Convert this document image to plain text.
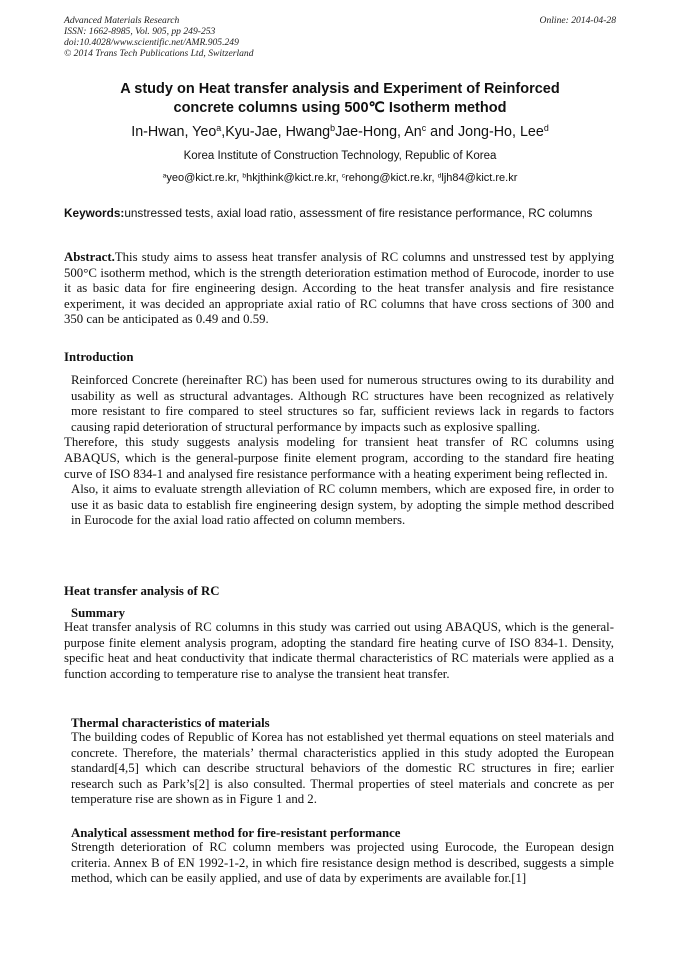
Advanced Materials Research
ISSN: 1662-8985, Vol. 905, pp 249-253
doi:10.4028/www.scientific.net/AMR.905.249
© 2014 Trans Tech Publications Ltd, Switzerland
Online: 2014-04-28
A study on Heat transfer analysis and Experiment of Reinforced
concrete columns using 500℃ Isotherm method
In-Hwan, Yeo$^a$,Kyu-Jae, Hwang$^b$Jae-Hong, An$^c$ and Jong-Ho, Lee$^d$
Korea Institute of Construction Technology, Republic of Korea
$^a$yeo@kict.re.kr, $^b$hkjthink@kict.re.kr, $^c$rehong@kict.re.kr, $^d$ljh84@kict.re.kr
Keywords:unstressed tests, axial load ratio, assessment of fire resistance performance, RC columns
Abstract.This study aims to assess heat transfer analysis of RC columns and unstressed test by applying 500°C isotherm method, which is the strength deterioration estimation method of Eurocode, inorder to use it as basic data for fire engineering design. According to the heat transfer analysis and fire resistance experiment, it was decided an appropriate axial ratio of RC columns that have cross sections of 300 and 350 can be anticipated as 0.49 and 0.59.
Introduction
Reinforced Concrete (hereinafter RC) has been used for numerous structures owing to its durability and usability as well as structural advantages. Although RC structures have been recognized as relatively more resistant to fire compared to steel structures so far, sufficient reviews lack in regards to factors causing rapid deterioration of structural performance by impacts such as explosive spalling.
Therefore, this study suggests analysis modeling for transient heat transfer of RC columns using ABAQUS, which is the general-purpose finite element program, according to the standard fire heating curve of ISO 834-1 and analysed fire resistance performance with a heating experiment being reflected in.
Also, it aims to evaluate strength alleviation of RC column members, which are exposed fire, in order to use it as basic data to establish fire engineering design system, by adopting the simple method described in Eurocode for the axial load ratio affected on column members.
Heat transfer analysis of RC
Summary
Heat transfer analysis of RC columns in this study was carried out using ABAQUS, which is the general-purpose finite element analysis program, adopting the standard fire heating curve of ISO 834-1. Density, specific heat and heat conductivity that indicate thermal characteristics of RC materials were applied as a function according to temperature rise to analyse the transient heat transfer.
Thermal characteristics of materials
The building codes of Republic of Korea has not established yet thermal equations on steel materials and concrete. Therefore, the materials’ thermal characteristics applied in this study adopted the European standard[4,5] which can describe structural behaviors of the domestic RC structures in fire; earlier research such as Park’s[2] is also consulted. Thermal properties of steel materials and concrete as per temperature rise are shown as in Figure 1 and 2.
Analytical assessment method for fire-resistant performance
Strength deterioration of RC column members was projected using Eurocode, the European design criteria. Annex B of EN 1992-1-2, in which fire resistance design method is described, suggests a simple method, which can be easily applied, and use of data by experiments are available for.[1]
